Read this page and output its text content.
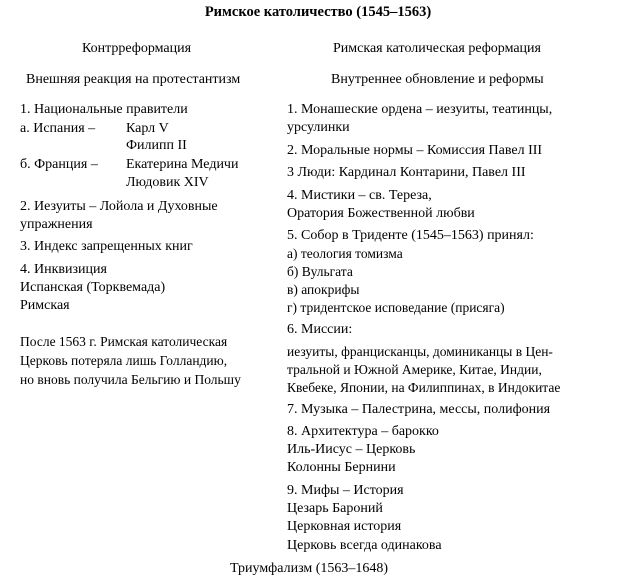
Римское католичество (1545–1563)
Контрреформация
Внешняя реакция на протестантизм
1. Национальные правители
а. Испания – Карл V
Филипп II
б. Франция – Екатерина Медичи
Людовик XIV
2. Иезуиты – Лойола и Духовные
упражнения
3. Индекс запрещенных книг
4. Инквизиция
Испанская (Торквемада)
Римская
После 1563 г. Римская католическая
Церковь потеряла лишь Голландию,
но вновь получила Бельгию и Польшу
Римская католическая реформация
Внутреннее обновление и реформы
1. Монашеские ордена – иезуиты, театинцы,
урсулинки
2. Моральные нормы – Комиссия Павел III
3 Люди: Кардинал Контарини, Павел III
4. Мистики – св. Тереза,
Оратория Божественной любви
5. Собор в Триденте (1545–1563) принял:
а) теология томизма
б) Вульгата
в) апокрифы
г) тридентское исповедание (присяга)
6. Миссии:
иезуиты, францисканцы, доминиканцы в Цен-
тральной и Южной Америке, Китае, Индии,
Квебеке, Японии, на Филиппинах, в Индокитае
7. Музыка – Палестрина, мессы, полифония
8. Архитектура – барокко
Иль-Иисус – Церковь
Колонны Бернини
9. Мифы – История
Цезарь Бароний
Церковная история
Церковь всегда одинакова
Триумфализм (1563–1648)
